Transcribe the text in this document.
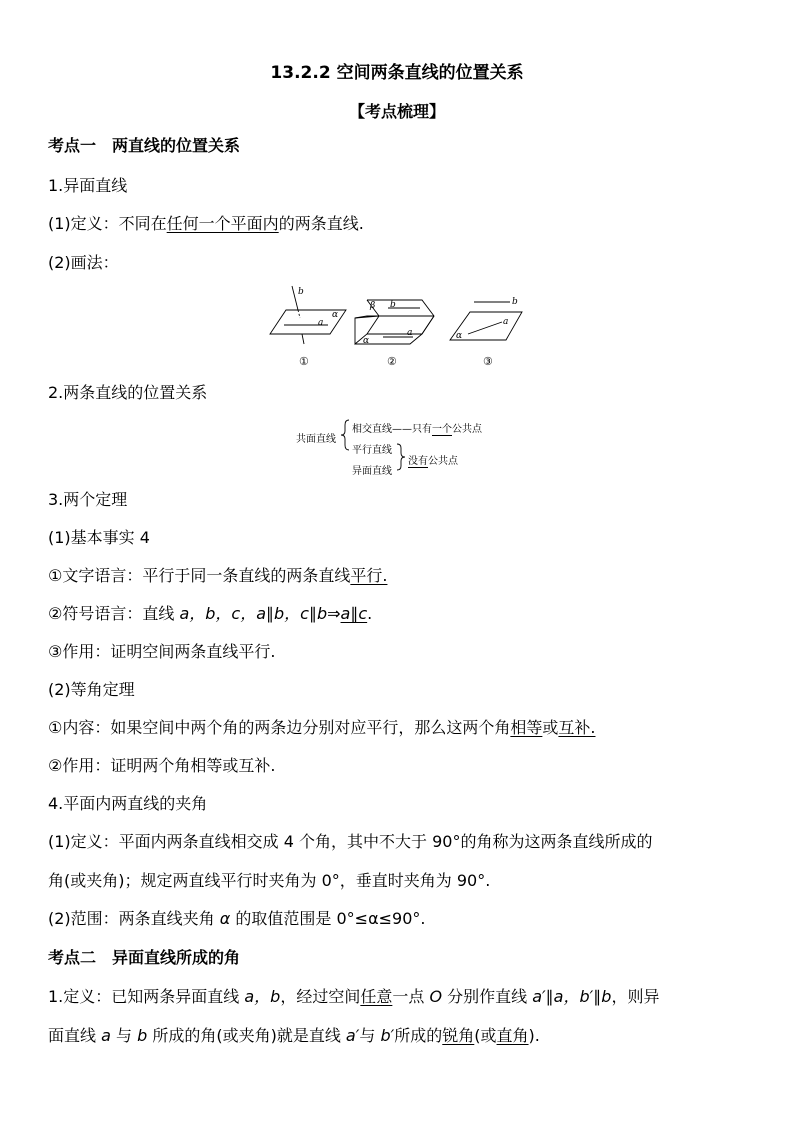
13.2.2 空间两条直线的位置关系
【考点梳理】
考点一　两直线的位置关系
1.异面直线
(1)定义：不同在任何一个平面内的两条直线.
(2)画法：
b
a
α
①
β b
a
α
②
b
a
α
③
2.两条直线的位置关系
共面直线
相交直线——只有一个公共点
平行直线
异面直线
没有公共点
3.两个定理
(1)基本事实 4
①文字语言：平行于同一条直线的两条直线平行.
②符号语言：直线 a，b，c，a∥b，c∥b⇒a∥c.
③作用：证明空间两条直线平行.
(2)等角定理
①内容：如果空间中两个角的两条边分别对应平行，那么这两个角相等或互补.
②作用：证明两个角相等或互补.
4.平面内两直线的夹角
(1)定义：平面内两条直线相交成 4 个角，其中不大于 90°的角称为这两条直线所成的
角(或夹角)；规定两直线平行时夹角为 0°，垂直时夹角为 90°.
(2)范围：两条直线夹角 α 的取值范围是 0°≤α≤90°.
考点二　异面直线所成的角
1.定义：已知两条异面直线 a，b，经过空间任意一点 O 分别作直线 a′∥a，b′∥b，则异
面直线 a 与 b 所成的角(或夹角)就是直线 a′与 b′所成的锐角(或直角).
